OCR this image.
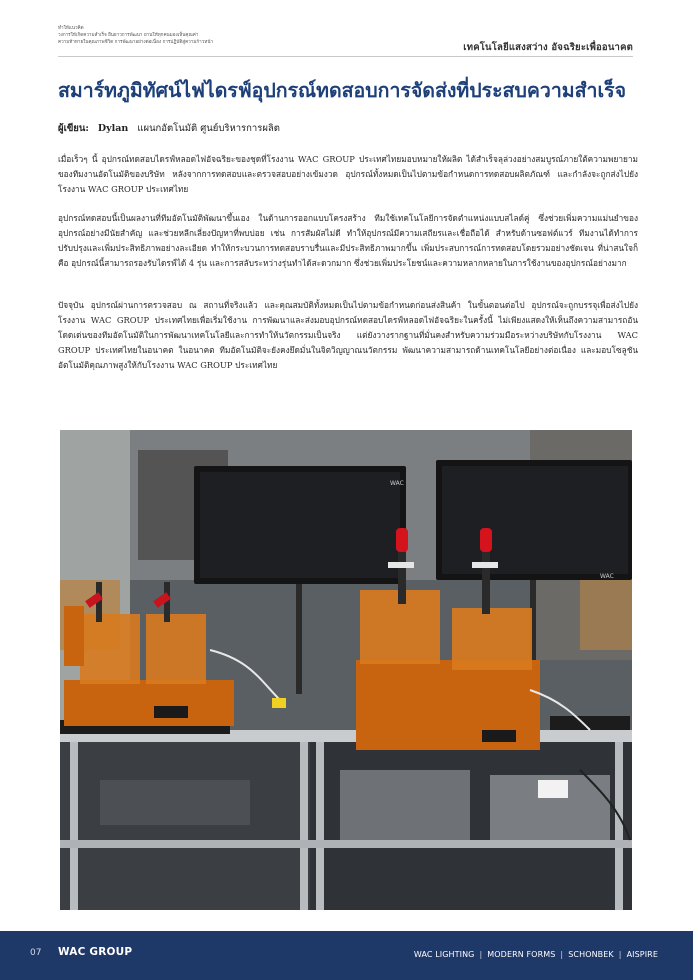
ทำให้แนวคิด
วงการให้เกิดความสำเร็จ ยืนยาวการพัฒนา ยานให้ทุกคนมองเห็นคุณค่า
ความท้าทายในคุณภาพชีวิต การพัฒนาอย่างต่อเนื่อง การปฏิบัติสู่ความก้าวหน้า	เทคโนโลยีแสงสว่าง อัจฉริยะเพื่ออนาคต
สมาร์ทภูมิทัศน์ไฟไดรฟ์อุปกรณ์ทดสอบการจัดส่งที่ประสบความสำเร็จ
ผู้เขียน: Dylan แผนกอัตโนมัติ ศูนย์บริหารการผลิต

เมื่อเร็วๆ นี้ อุปกรณ์ทดสอบไดรฟ์หลอดไฟอัจฉริยะของชุดที่โรงงาน WAC GROUP ประเทศไทยมอบหมายให้ผลิต ได้สำเร็จลุล่วงอย่างสมบูรณ์ภายใต้ความพยายามของทีมงานอัตโนมัติของบริษัท หลังจากการทดสอบและตรวจสอบอย่างเข้มงวด อุปกรณ์ทั้งหมดเป็นไปตามข้อกำหนดการทดสอบผลิตภัณฑ์ และกำลังจะถูกส่งไปยังโรงงาน WAC GROUP ประเทศไทย

อุปกรณ์ทดสอบนี้เป็นผลงานที่ทีมอัตโนมัติพัฒนาขึ้นเอง ในด้านการออกแบบโครงสร้าง ทีมใช้เทคโนโลยีการจัดตำแหน่งแบบสไลด์คู่ ซึ่งช่วยเพิ่มความแม่นยำของอุปกรณ์อย่างมีนัยสำคัญ และช่วยหลีกเลี่ยงปัญหาที่พบบ่อย เช่น การสัมผัสไม่ดี ทำให้อุปกรณ์มีความเสถียรและเชื่อถือได้ สำหรับด้านซอฟต์แวร์ ทีมงานได้ทำการปรับปรุงและเพิ่มประสิทธิภาพอย่างละเอียด ทำให้กระบวนการทดสอบราบรื่นและมีประสิทธิภาพมากขึ้น เพิ่มประสบการณ์การทดสอบโดยรวมอย่างชัดเจน ที่น่าสนใจก็คือ อุปกรณ์นี้สามารถรองรับไดรฟ์ได้ 4 รุ่น และการสลับระหว่างรุ่นทำได้สะดวกมาก ซึ่งช่วยเพิ่มประโยชน์และความหลากหลายในการใช้งานของอุปกรณ์อย่างมาก

ปัจจุบัน อุปกรณ์ผ่านการตรวจสอบ ณ สถานที่จริงแล้ว และคุณสมบัติทั้งหมดเป็นไปตามข้อกำหนดก่อนส่งสินค้า ในขั้นตอนต่อไป อุปกรณ์จะถูกบรรจุเพื่อส่งไปยังโรงงาน WAC GROUP ประเทศไทยเพื่อเริ่มใช้งาน การพัฒนาและส่งมอบอุปกรณ์ทดสอบไดรฟ์หลอดไฟอัจฉริยะในครั้งนี้ ไม่เพียงแสดงให้เห็นถึงความสามารถอันโดดเด่นของทีมอัตโนมัติในการพัฒนาเทคโนโลยีและการทำให้นวัตกรรมเป็นจริง แต่ยังวางรากฐานที่มั่นคงสำหรับความร่วมมือระหว่างบริษัทกับโรงงาน WAC GROUP ประเทศไทยในอนาคต ในอนาคต ทีมอัตโนมัติจะยังคงยึดมั่นในจิตวิญญาณนวัตกรรม พัฒนาความสามารถด้านเทคโนโลยีอย่างต่อเนื่อง และมอบโซลูชันอัตโนมัติคุณภาพสูงให้กับโรงงาน WAC GROUP ประเทศไทย

WAC
WAC
07 WAC GROUP	WAC LIGHTING | MODERN FORMS | SCHONBEK | AISPIRE
